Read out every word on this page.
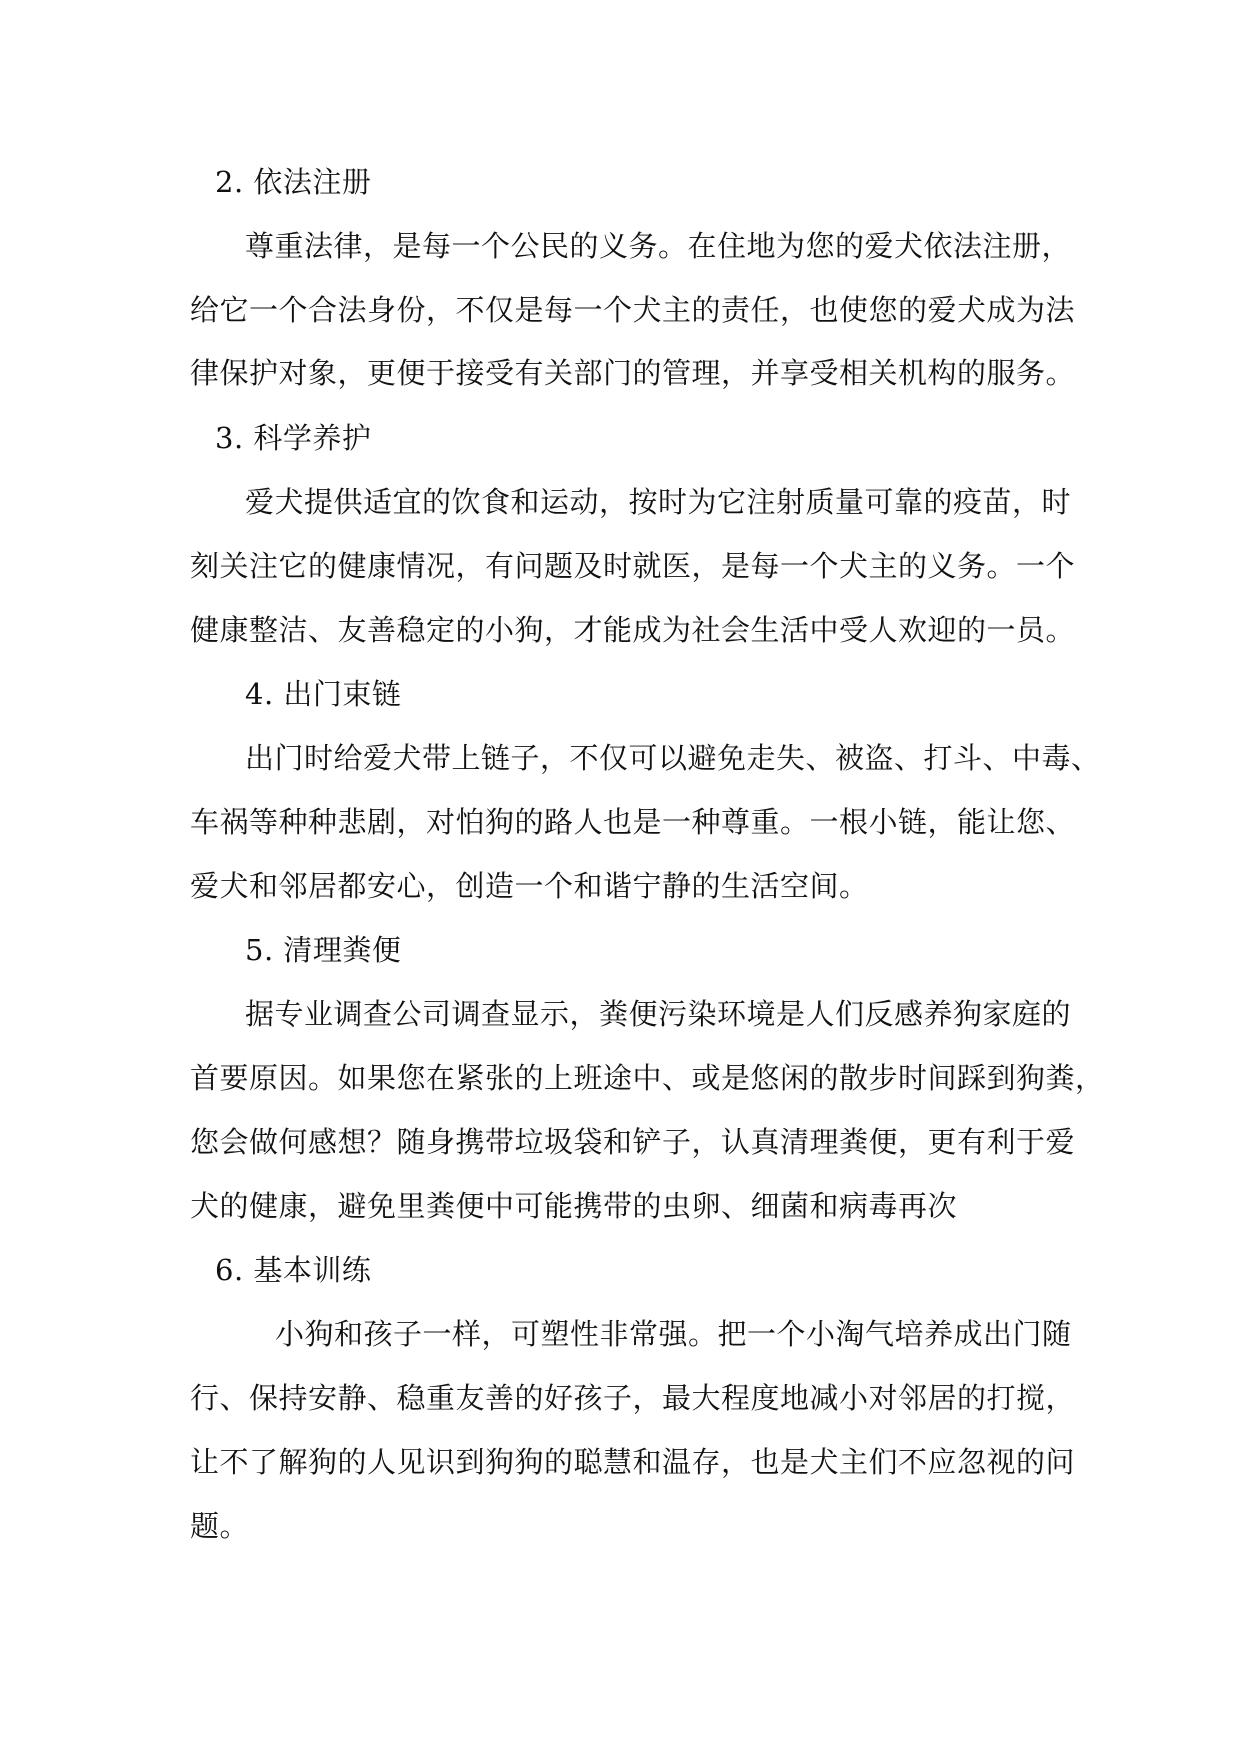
2. 依法注册
尊重法律，是每一个公民的义务。在住地为您的爱犬依法注册，
给它一个合法身份，不仅是每一个犬主的责任，也使您的爱犬成为法
律保护对象，更便于接受有关部门的管理，并享受相关机构的服务。
3. 科学养护
爱犬提供适宜的饮食和运动，按时为它注射质量可靠的疫苗，时
刻关注它的健康情况，有问题及时就医，是每一个犬主的义务。一个
健康整洁、友善稳定的小狗，才能成为社会生活中受人欢迎的一员。
4. 出门束链
出门时给爱犬带上链子，不仅可以避免走失、被盗、打斗、中毒、
车祸等种种悲剧，对怕狗的路人也是一种尊重。一根小链，能让您、
爱犬和邻居都安心，创造一个和谐宁静的生活空间。
5. 清理粪便
据专业调查公司调查显示，粪便污染环境是人们反感养狗家庭的
首要原因。如果您在紧张的上班途中、或是悠闲的散步时间踩到狗粪，
您会做何感想？随身携带垃圾袋和铲子，认真清理粪便，更有利于爱
犬的健康，避免里粪便中可能携带的虫卵、细菌和病毒再次
6. 基本训练
小狗和孩子一样，可塑性非常强。把一个小淘气培养成出门随
行、保持安静、稳重友善的好孩子，最大程度地减小对邻居的打搅，
让不了解狗的人见识到狗狗的聪慧和温存，也是犬主们不应忽视的问
题。
